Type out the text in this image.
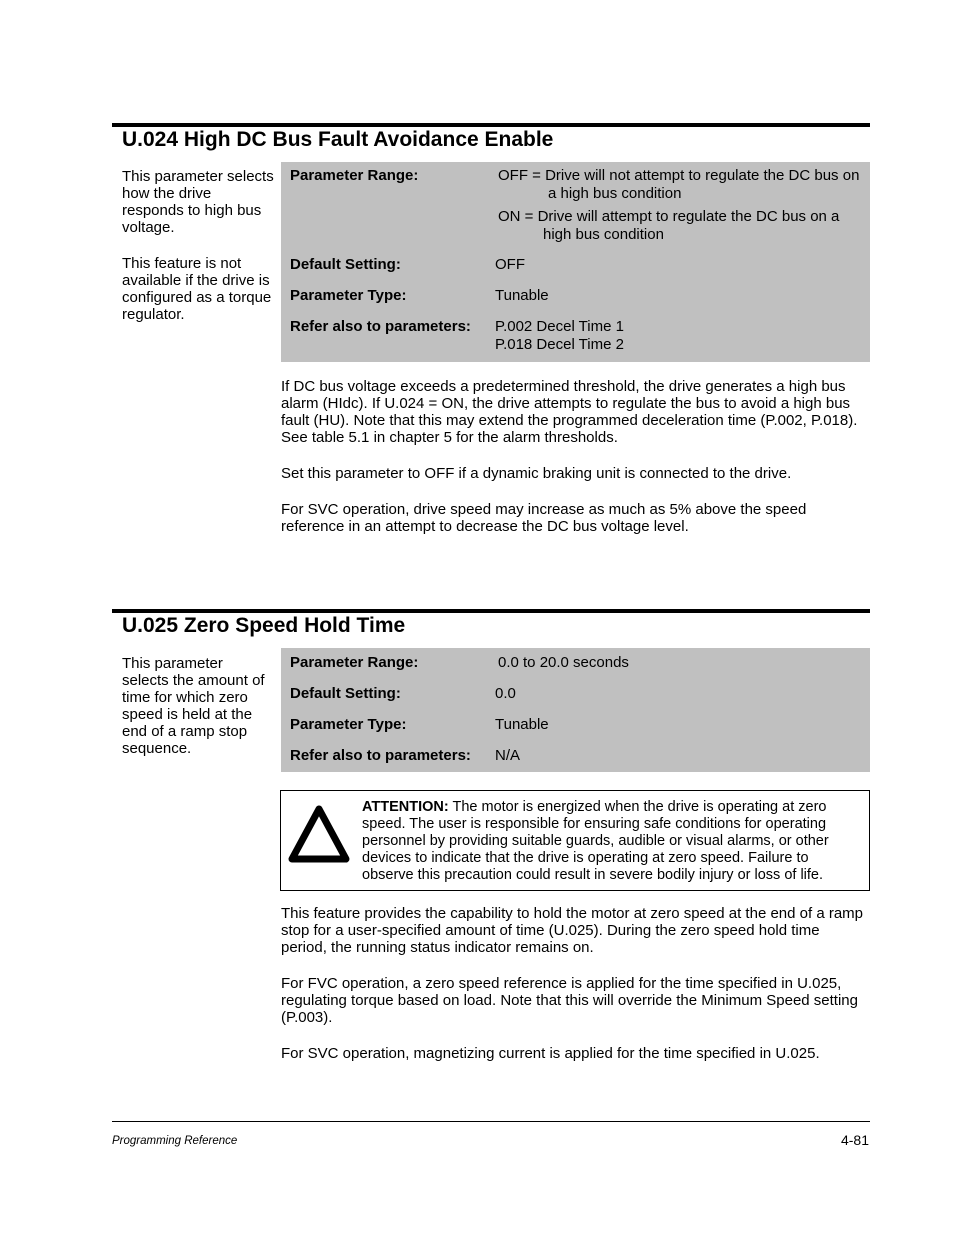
U.024 High DC Bus Fault Avoidance Enable

This parameter selects how the drive responds to high bus voltage.

This feature is not available if the drive is configured as a torque regulator.

Parameter Range:	OFF = Drive will not attempt to regulate the DC bus on a high bus condition
ON = Drive will attempt to regulate the DC bus on a high bus condition
Default Setting:	OFF
Parameter Type:	Tunable
Refer also to parameters: P.002 Decel Time 1
P.018 Decel Time 2

If DC bus voltage exceeds a predetermined threshold, the drive generates a high bus alarm (HIdc). If U.024 = ON, the drive attempts to regulate the bus to avoid a high bus fault (HU). Note that this may extend the programmed deceleration time (P.002, P.018). See table 5.1 in chapter 5 for the alarm thresholds.

Set this parameter to OFF if a dynamic braking unit is connected to the drive.

For SVC operation, drive speed may increase as much as 5% above the speed reference in an attempt to decrease the DC bus voltage level.

U.025 Zero Speed Hold Time

This parameter selects the amount of time for which zero speed is held at the end of a ramp stop sequence.

Parameter Range:	0.0 to 20.0 seconds
Default Setting:	0.0
Parameter Type:	Tunable
Refer also to parameters: N/A
ATTENTION: The motor is energized when the drive is operating at zero speed. The user is responsible for ensuring safe conditions for operating personnel by providing suitable guards, audible or visual alarms, or other devices to indicate that the drive is operating at zero speed. Failure to observe this precaution could result in severe bodily injury or loss of life.

This feature provides the capability to hold the motor at zero speed at the end of a ramp stop for a user-specified amount of time (U.025). During the zero speed hold time period, the running status indicator remains on.

For FVC operation, a zero speed reference is applied for the time specified in U.025, regulating torque based on load. Note that this will override the Minimum Speed setting (P.003).

For SVC operation, magnetizing current is applied for the time specified in U.025.

Programming Reference	4-81
